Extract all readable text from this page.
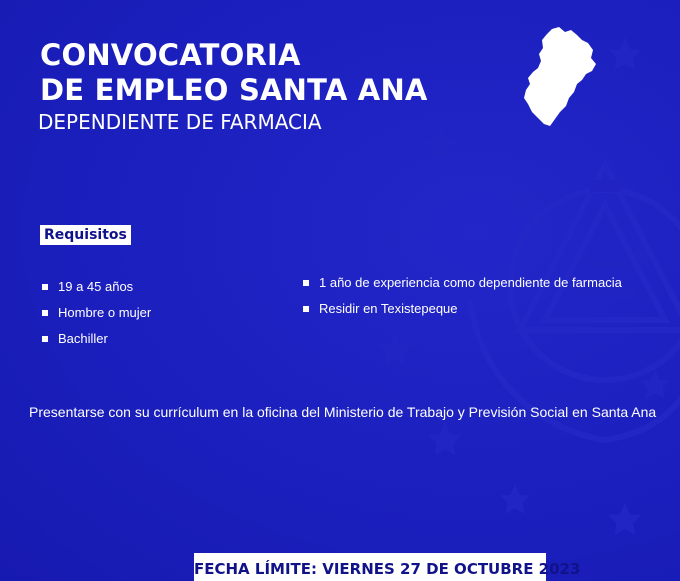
CONVOCATORIA
DE EMPLEO SANTA ANA
DEPENDIENTE DE FARMACIA
Requisitos
19 a 45 años
Hombre o mujer
Bachiller
1 año de experiencia como dependiente de farmacia
Residir en Texistepeque
Presentarse con su currículum en la oficina del Ministerio de Trabajo y Previsión Social en Santa Ana
FECHA LÍMITE: VIERNES 27 DE OCTUBRE 2023
